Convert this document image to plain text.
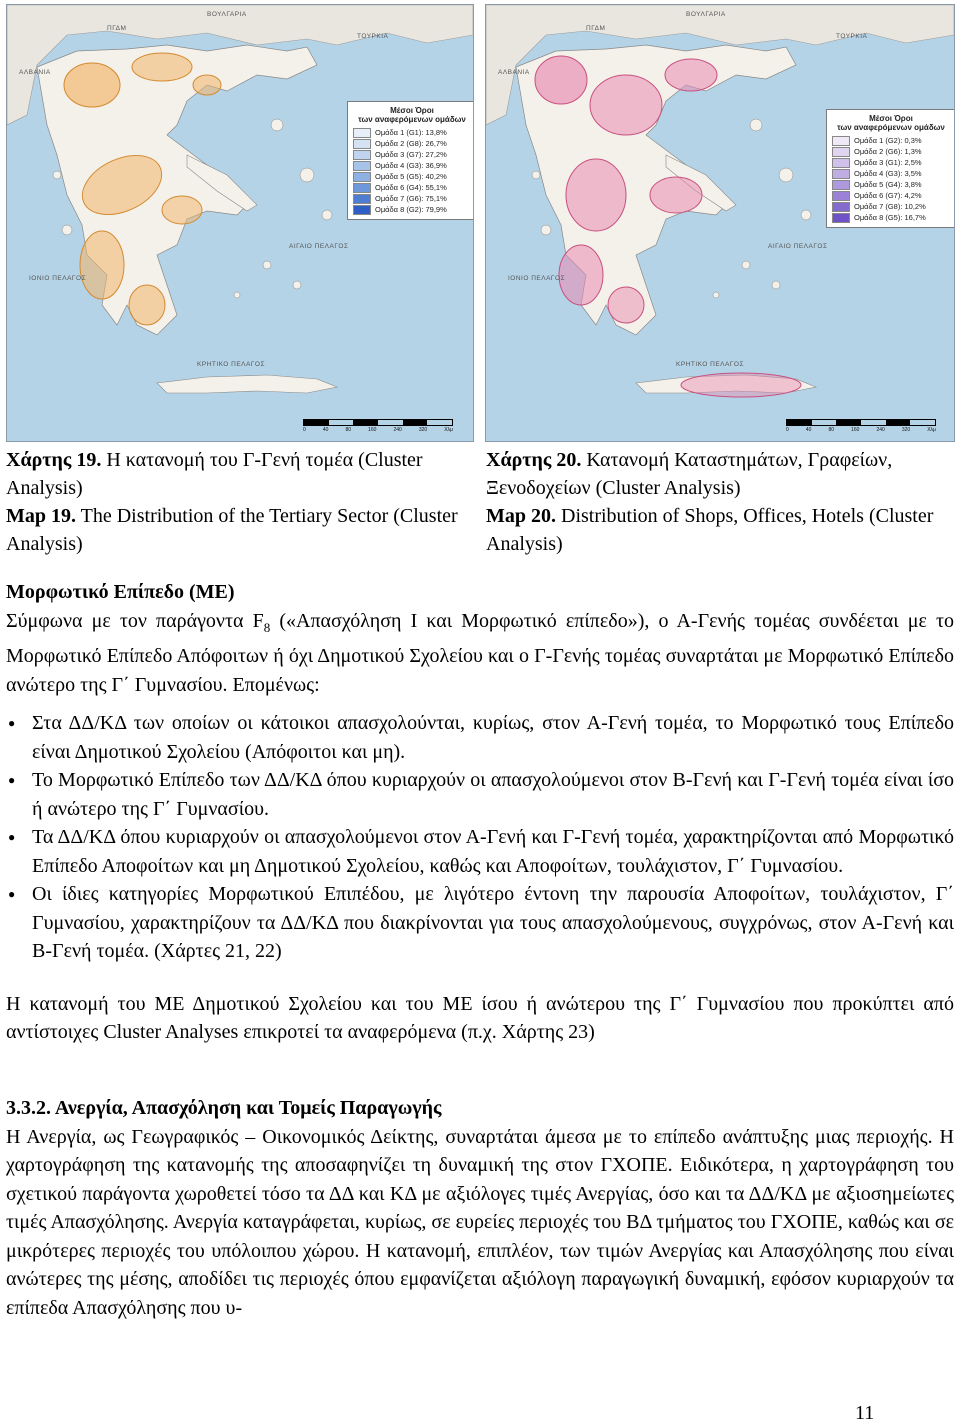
ΒΟΥΛΓΑΡΙΑ
ΤΟΥΡΚΙΑ
ΑΛΒΑΝΙΑ
ΠΓΔΜ
ΑΙΓΑΙΟ ΠΕΛΑΓΟΣ
ΙΟΝΙΟ ΠΕΛΑΓΟΣ
ΚΡΗΤΙΚΟ ΠΕΛΑΓΟΣ
Μέσοι Όροι
των αναφερόμενων ομάδων
Ομάδα 1 (G1): 13,8%
Ομάδα 2 (G8): 26,7%
Ομάδα 3 (G7): 27,2%
Ομάδα 4 (G3): 36,9%
Ομάδα 5 (G5): 40,2%
Ομάδα 6 (G4): 55,1%
Ομάδα 7 (G6): 75,1%
Ομάδα 8 (G2): 79,9%
0	40	80	160	240	320	Χλμ
ΒΟΥΛΓΑΡΙΑ
ΤΟΥΡΚΙΑ
ΑΛΒΑΝΙΑ
ΠΓΔΜ
ΑΙΓΑΙΟ ΠΕΛΑΓΟΣ
ΙΟΝΙΟ ΠΕΛΑΓΟΣ
ΚΡΗΤΙΚΟ ΠΕΛΑΓΟΣ
Μέσοι Όροι
των αναφερόμενων ομάδων
Ομάδα 1 (G2): 0,3%
Ομάδα 2 (G6): 1,3%
Ομάδα 3 (G1): 2,5%
Ομάδα 4 (G3): 3,5%
Ομάδα 5 (G4): 3,8%
Ομάδα 6 (G7): 4,2%
Ομάδα 7 (G8): 10,2%
Ομάδα 8 (G5): 16,7%
0	40	80	160	240	320	Χλμ
Χάρτης 19. Η κατανομή του Γ-Γενή τομέα (Cluster Analysis)
Map 19. The Distribution of the Tertiary Sector (Cluster Analysis)
Χάρτης 20. Κατανομή Καταστημάτων, Γραφείων, Ξενοδοχείων (Cluster Analysis)
Map 20. Distribution of Shops, Offices, Hotels (Cluster Analysis)
Μορφωτικό Επίπεδο (ΜΕ)
Σύμφωνα με τον παράγοντα $F_8$ («Απασχόληση Ι και Μορφωτικό επίπεδο»), ο Α-Γενής τομέας συνδέεται με το Μορφωτικό Επίπεδο Απόφοιτων ή όχι Δημοτικού Σχολείου και ο Γ-Γενής τομέας συναρτάται με Μορφωτικό Επίπεδο ανώτερο της Γ΄ Γυμνασίου. Επομένως:
● Στα ΔΔ/ΚΔ των οποίων οι κάτοικοι απασχολούνται, κυρίως, στον Α-Γενή τομέα, το Μορφωτικό τους Επίπεδο είναι Δημοτικού Σχολείου (Απόφοιτοι και μη).
● Το Μορφωτικό Επίπεδο των ΔΔ/ΚΔ όπου κυριαρχούν οι απασχολούμενοι στον Β-Γενή και Γ-Γενή τομέα είναι ίσο ή ανώτερο της Γ΄ Γυμνασίου.
● Τα ΔΔ/ΚΔ όπου κυριαρχούν οι απασχολούμενοι στον Α-Γενή και Γ-Γενή τομέα, χαρακτηρίζονται από Μορφωτικό Επίπεδο Αποφοίτων και μη Δημοτικού Σχολείου, καθώς και Αποφοίτων, τουλάχιστον, Γ΄ Γυμνασίου.
● Οι ίδιες κατηγορίες Μορφωτικού Επιπέδου, με λιγότερο έντονη την παρουσία Αποφοίτων, τουλάχιστον, Γ΄ Γυμνασίου, χαρακτηρίζουν τα ΔΔ/ΚΔ που διακρίνονται για τους απασχολούμενους, συγχρόνως, στον Α-Γενή και Β-Γενή τομέα. (Χάρτες 21, 22)
Η κατανομή του ΜΕ Δημοτικού Σχολείου και του ΜΕ ίσου ή ανώτερου της Γ΄ Γυμνασίου που προκύπτει από αντίστοιχες Cluster Analyses επικροτεί τα αναφερόμενα (π.χ. Χάρτης 23)
3.3.2. Ανεργία, Απασχόληση και Τομείς Παραγωγής
Η Ανεργία, ως Γεωγραφικός – Οικονομικός Δείκτης, συναρτάται άμεσα με το επίπεδο ανάπτυξης μιας περιοχής. Η χαρτογράφηση της κατανομής της αποσαφηνίζει τη δυναμική της στον ΓΧΟΠΕ. Ειδικότερα, η χαρτογράφηση του σχετικού παράγοντα χωροθετεί τόσο τα ΔΔ και ΚΔ με αξιόλογες τιμές Ανεργίας, όσο και τα ΔΔ/ΚΔ με αξιοσημείωτες τιμές Απασχόλησης. Ανεργία καταγράφεται, κυρίως, σε ευρείες περιοχές του ΒΔ τμήματος του ΓΧΟΠΕ, καθώς και σε μικρότερες περιοχές του υπόλοιπου χώρου. Η κατανομή, επιπλέον, των τιμών Ανεργίας και Απασχόλησης που είναι ανώτερες της μέσης, αποδίδει τις περιοχές όπου εμφανίζεται αξιόλογη παραγωγική δυναμική, εφόσον κυριαρχούν τα επίπεδα Απασχόλησης που υ-
11
